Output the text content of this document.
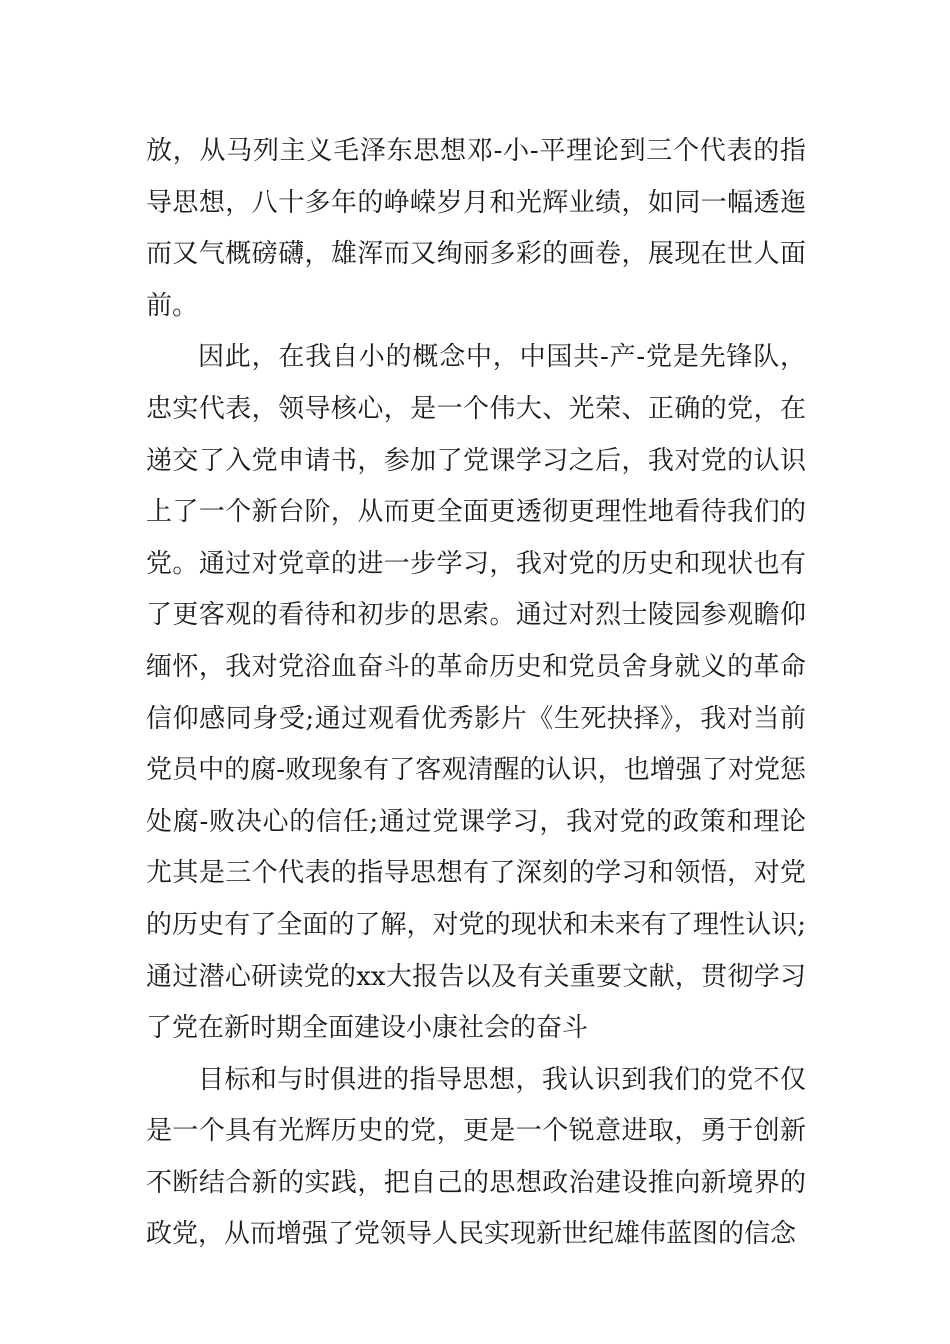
放，从马列主义毛泽东思想邓-小-平理论到三个代表的指导思想，八十多年的峥嵘岁月和光辉业绩，如同一幅透迤而又气概磅礴，雄浑而又绚丽多彩的画卷，展现在世人面前。

因此，在我自小的概念中，中国共-产-党是先锋队，忠实代表，领导核心，是一个伟大、光荣、正确的党，在递交了入党申请书，参加了党课学习之后，我对党的认识上了一个新台阶，从而更全面更透彻更理性地看待我们的党。通过对党章的进一步学习，我对党的历史和现状也有了更客观的看待和初步的思索。通过对烈士陵园参观瞻仰缅怀，我对党浴血奋斗的革命历史和党员舍身就义的革命信仰感同身受;通过观看优秀影片《生死抉择》，我对当前党员中的腐-败现象有了客观清醒的认识，也增强了对党惩处腐-败决心的信任;通过党课学习，我对党的政策和理论尤其是三个代表的指导思想有了深刻的学习和领悟，对党的历史有了全面的了解，对党的现状和未来有了理性认识;通过潜心研读党的xx大报告以及有关重要文献，贯彻学习了党在新时期全面建设小康社会的奋斗

目标和与时俱进的指导思想，我认识到我们的党不仅是一个具有光辉历史的党，更是一个锐意进取，勇于创新不断结合新的实践，把自己的思想政治建设推向新境界的政党，从而增强了党领导人民实现新世纪雄伟蓝图的信念
